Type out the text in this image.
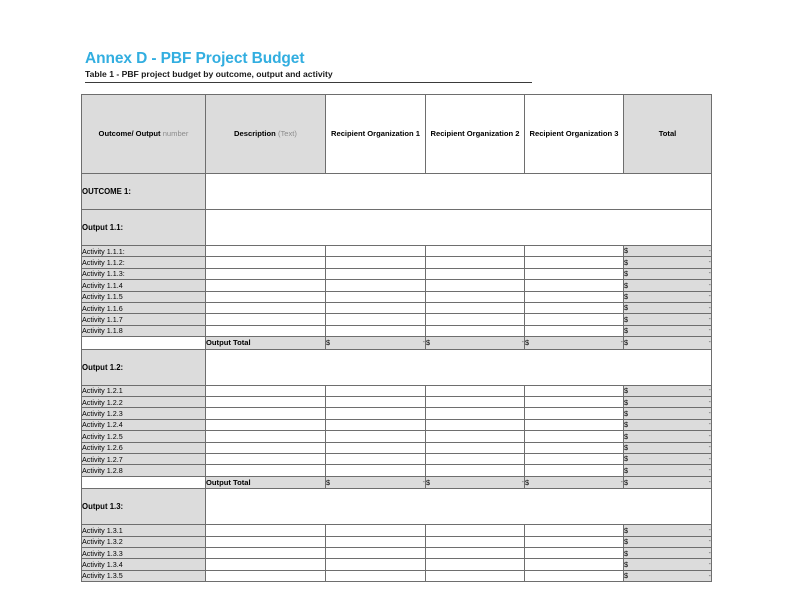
Annex D - PBF Project Budget
Table 1 - PBF project budget by outcome, output and activity
Outcome/ Output number	Description (Text)	Recipient Organization 1	Recipient Organization 2	Recipient Organization 3	Total
OUTCOME 1:					
Output 1.1:					
Activity 1.1.1:					$ -

Activity 1.1.2:					$ -

Activity 1.1.3:					$ -

Activity 1.1.4					$ -

Activity 1.1.5					$ -

Activity 1.1.6					$ -

Activity 1.1.7					$ -

Activity 1.1.8					$ -

	Output Total	$ -	$ -	$ -	$ -

Output 1.2:					
Activity 1.2.1					$ -

Activity 1.2.2					$ -

Activity 1.2.3					$ -

Activity 1.2.4					$ -

Activity 1.2.5					$ -

Activity 1.2.6					$ -

Activity 1.2.7					$ -

Activity 1.2.8					$ -

	Output Total	$ -	$ -	$ -	$ -

Output 1.3:					
Activity 1.3.1					$ -

Activity 1.3.2					$ -

Activity 1.3.3					$ -

Activity 1.3.4					$ -

Activity 1.3.5					$ -
